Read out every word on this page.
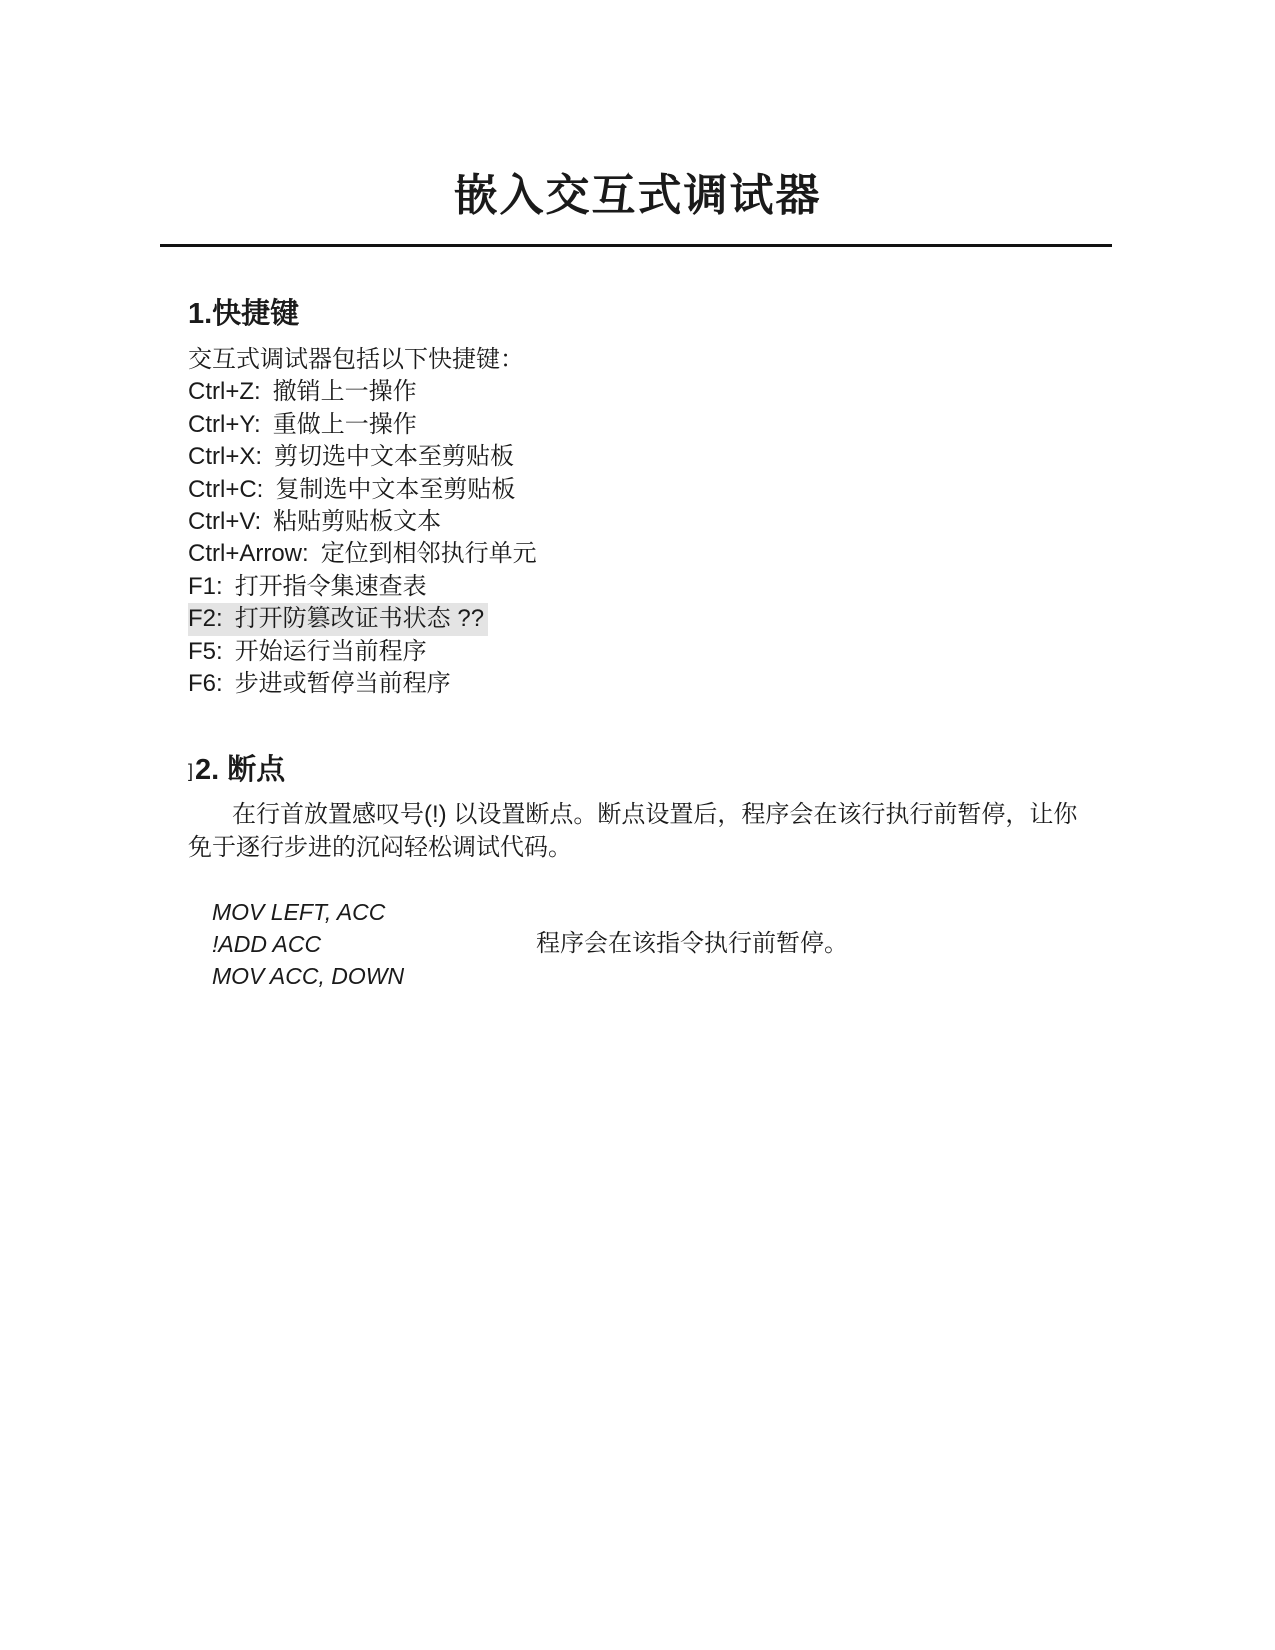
嵌入交互式调试器
1.快捷键
交互式调试器包括以下快捷键：
Ctrl+Z: 撤销上一操作
Ctrl+Y: 重做上一操作
Ctrl+X: 剪切选中文本至剪贴板
Ctrl+C: 复制选中文本至剪贴板
Ctrl+V: 粘贴剪贴板文本
Ctrl+Arrow: 定位到相邻执行单元
F1: 打开指令集速查表
F2: 打开防篡改证书状态 ??
F5: 开始运行当前程序
F6: 步进或暂停当前程序
]2. 断点
在行首放置感叹号(!) 以设置断点。断点设置后，程序会在该行执行前暂停，让你免于逐行步进的沉闷轻松调试代码。
MOV LEFT, ACC
!ADD ACC
MOV ACC, DOWN
程序会在该指令执行前暂停。
